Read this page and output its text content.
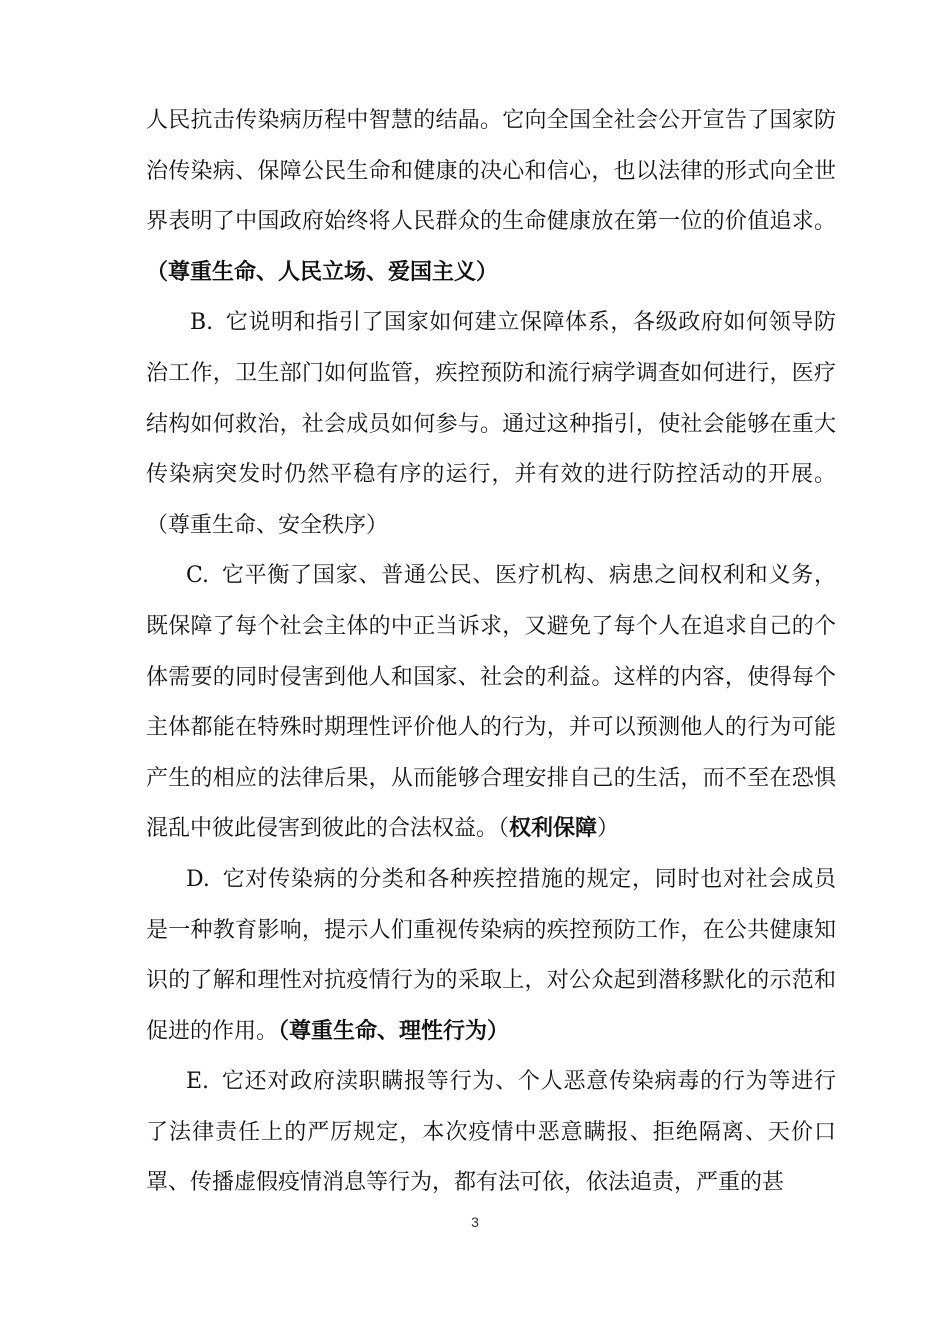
人民抗击传染病历程中智慧的结晶。它向全国全社会公开宣告了国家防治传染病、保障公民生命和健康的决心和信心，也以法律的形式向全世界表明了中国政府始终将人民群众的生命健康放在第一位的价值追求。（尊重生命、人民立场、爱国主义）

B. 它说明和指引了国家如何建立保障体系，各级政府如何领导防治工作，卫生部门如何监管，疾控预防和流行病学调查如何进行，医疗结构如何救治，社会成员如何参与。通过这种指引，使社会能够在重大传染病突发时仍然平稳有序的运行，并有效的进行防控活动的开展。（尊重生命、安全秩序）

C. 它平衡了国家、普通公民、医疗机构、病患之间权利和义务，既保障了每个社会主体的中正当诉求，又避免了每个人在追求自己的个体需要的同时侵害到他人和国家、社会的利益。这样的内容，使得每个主体都能在特殊时期理性评价他人的行为，并可以预测他人的行为可能产生的相应的法律后果，从而能够合理安排自己的生活，而不至在恐惧混乱中彼此侵害到彼此的合法权益。（权利保障）

D. 它对传染病的分类和各种疾控措施的规定，同时也对社会成员是一种教育影响，提示人们重视传染病的疾控预防工作，在公共健康知识的了解和理性对抗疫情行为的采取上，对公众起到潜移默化的示范和促进的作用。（尊重生命、理性行为）

E. 它还对政府渎职瞒报等行为、个人恶意传染病毒的行为等进行了法律责任上的严厉规定，本次疫情中恶意瞒报、拒绝隔离、天价口罩、传播虚假疫情消息等行为，都有法可依，依法追责，严重的甚

3
